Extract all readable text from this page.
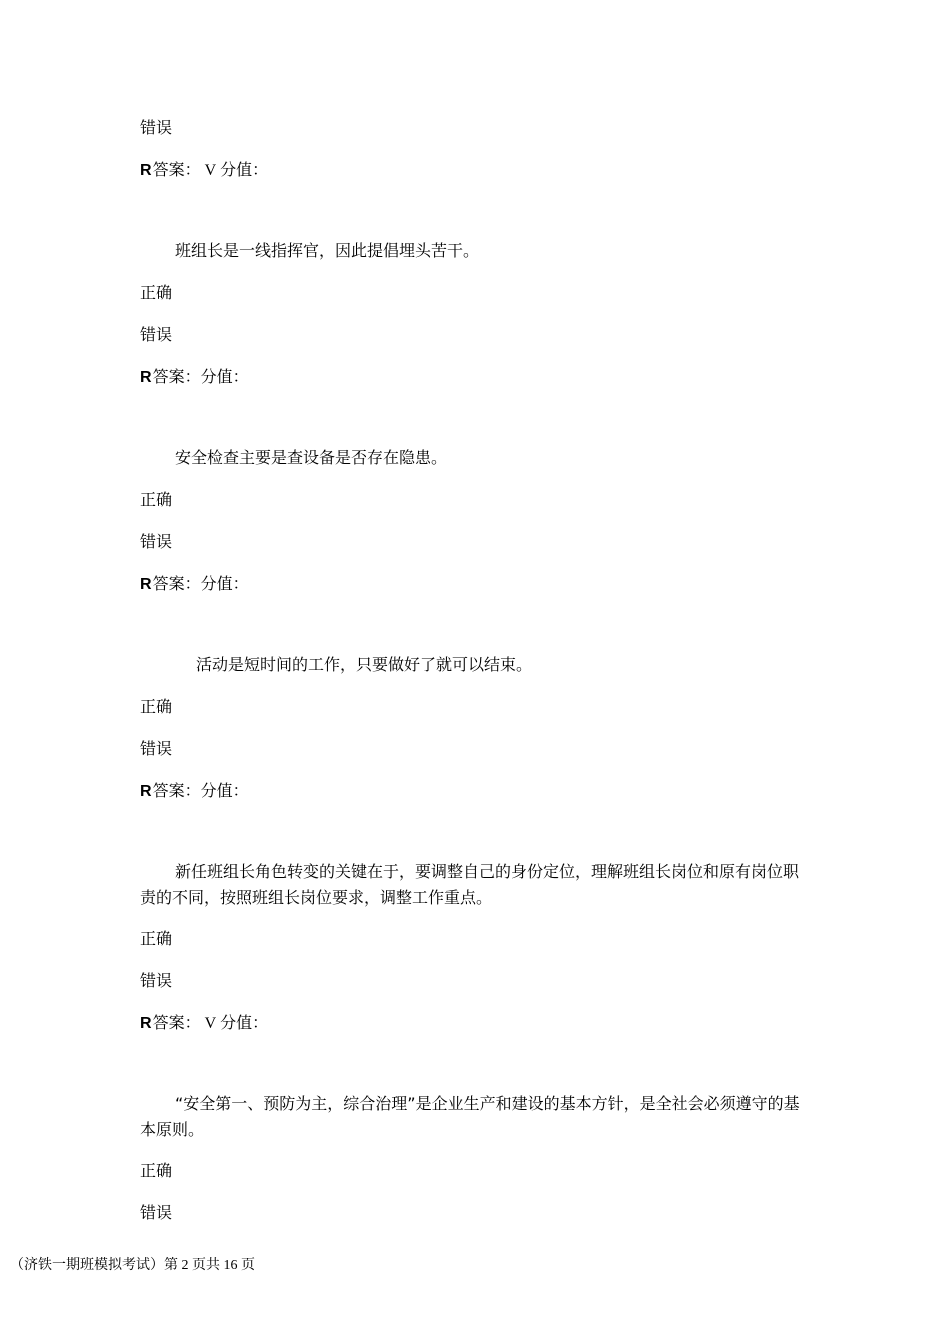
错误
R答案： V 分值：
班组长是一线指挥官，因此提倡埋头苦干。
正确
错误
R答案：分值：
安全检查主要是查设备是否存在隐患。
正确
错误
R答案：分值：
活动是短时间的工作，只要做好了就可以结束。
正确
错误
R答案：分值：
新任班组长角色转变的关键在于，要调整自己的身份定位，理解班组长岗位和原有岗位职责的不同，按照班组长岗位要求，调整工作重点。
正确
错误
R答案： V 分值：
“安全第一、预防为主，综合治理”是企业生产和建设的基本方针，是全社会必须遵守的基本原则。
正确
错误
（济铁一期班模拟考试）第 2 页共 16 页
